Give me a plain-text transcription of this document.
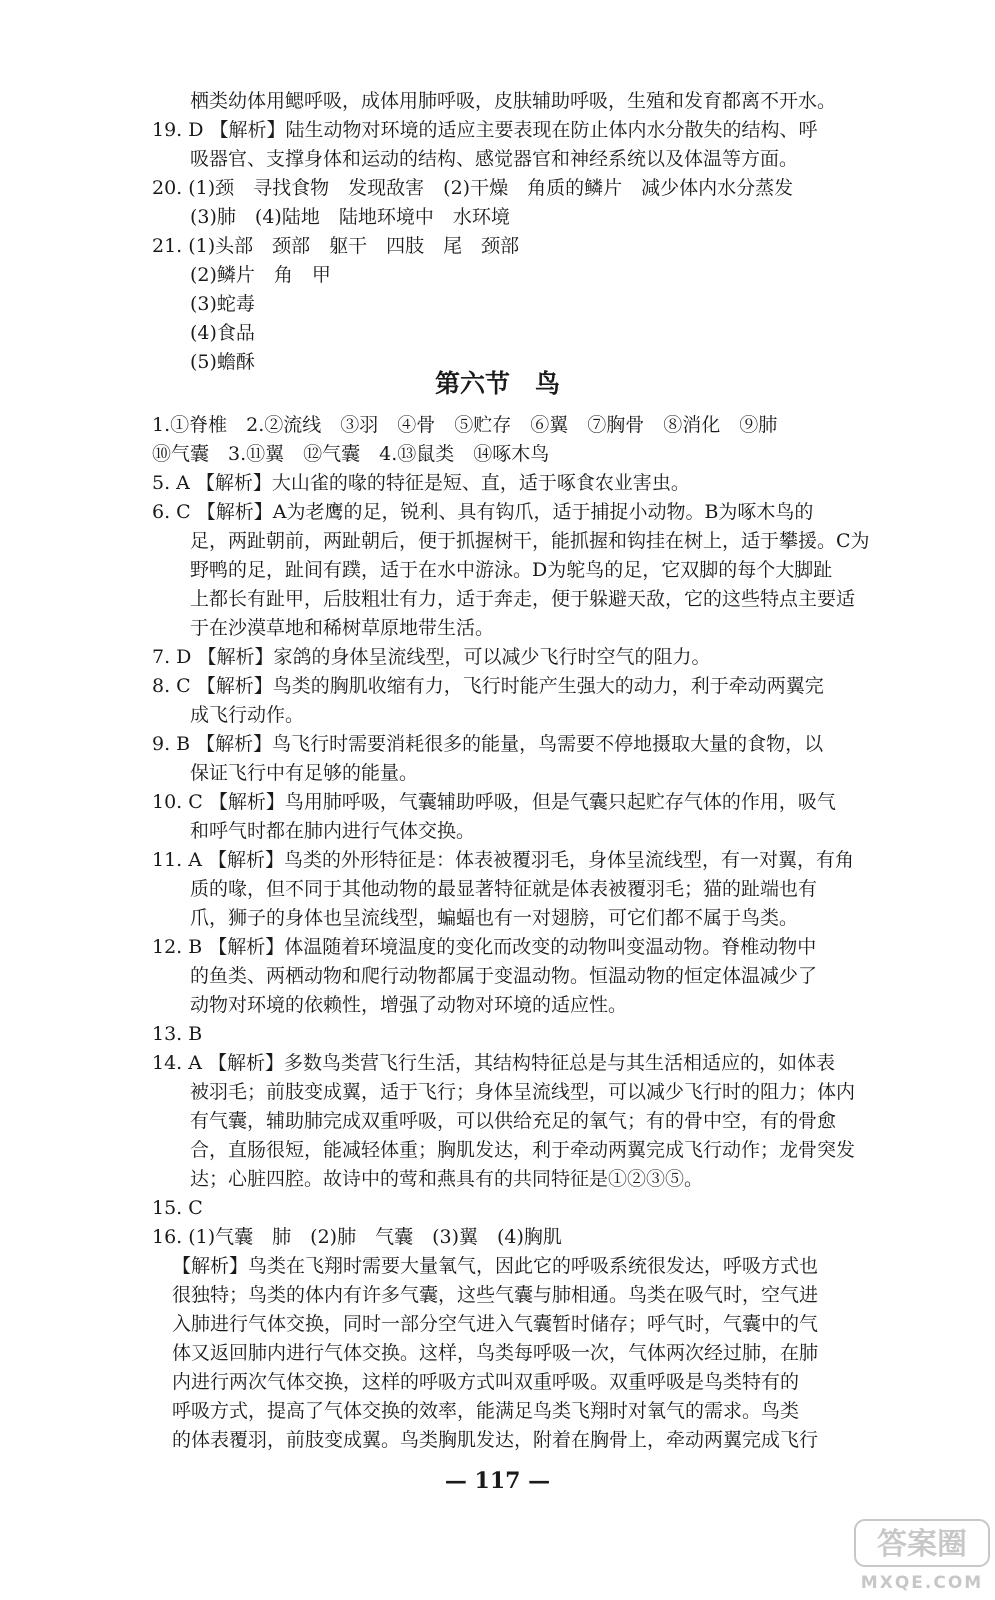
栖类幼体用鳃呼吸，成体用肺呼吸，皮肤辅助呼吸，生殖和发育都离不开水。
19. D 【解析】陆生动物对环境的适应主要表现在防止体内水分散失的结构、呼
吸器官、支撑身体和运动的结构、感觉器官和神经系统以及体温等方面。
20. (1)颈　寻找食物　发现敌害　(2)干燥　角质的鳞片　减少体内水分蒸发
(3)肺　(4)陆地　陆地环境中　水环境
21. (1)头部　颈部　躯干　四肢　尾　颈部
(2)鳞片　角　甲
(3)蛇毒
(4)食品
(5)蟾酥
第六节　鸟
1.①脊椎　2.②流线　③羽　④骨　⑤贮存　⑥翼　⑦胸骨　⑧消化　⑨肺
⑩气囊　3.⑪翼　⑫气囊　4.⑬鼠类　⑭啄木鸟
5. A 【解析】大山雀的喙的特征是短、直，适于啄食农业害虫。
6. C 【解析】A为老鹰的足，锐利、具有钩爪，适于捕捉小动物。B为啄木鸟的
足，两趾朝前，两趾朝后，便于抓握树干，能抓握和钩挂在树上，适于攀援。C为
野鸭的足，趾间有蹼，适于在水中游泳。D为鸵鸟的足，它双脚的每个大脚趾
上都长有趾甲，后肢粗壮有力，适于奔走，便于躲避天敌，它的这些特点主要适
于在沙漠草地和稀树草原地带生活。
7. D 【解析】家鸽的身体呈流线型，可以减少飞行时空气的阻力。
8. C 【解析】鸟类的胸肌收缩有力，飞行时能产生强大的动力，利于牵动两翼完
成飞行动作。
9. B 【解析】鸟飞行时需要消耗很多的能量，鸟需要不停地摄取大量的食物，以
保证飞行中有足够的能量。
10. C 【解析】鸟用肺呼吸，气囊辅助呼吸，但是气囊只起贮存气体的作用，吸气
和呼气时都在肺内进行气体交换。
11. A 【解析】鸟类的外形特征是：体表被覆羽毛，身体呈流线型，有一对翼，有角
质的喙，但不同于其他动物的最显著特征就是体表被覆羽毛；猫的趾端也有
爪，狮子的身体也呈流线型，蝙蝠也有一对翅膀，可它们都不属于鸟类。
12. B 【解析】体温随着环境温度的变化而改变的动物叫变温动物。脊椎动物中
的鱼类、两栖动物和爬行动物都属于变温动物。恒温动物的恒定体温减少了
动物对环境的依赖性，增强了动物对环境的适应性。
13. B
14. A 【解析】多数鸟类营飞行生活，其结构特征总是与其生活相适应的，如体表
被羽毛；前肢变成翼，适于飞行；身体呈流线型，可以减少飞行时的阻力；体内
有气囊，辅助肺完成双重呼吸，可以供给充足的氧气；有的骨中空，有的骨愈
合，直肠很短，能减轻体重；胸肌发达，利于牵动两翼完成飞行动作；龙骨突发
达；心脏四腔。故诗中的莺和燕具有的共同特征是①②③⑤。
15. C
16. (1)气囊　肺　(2)肺　气囊　(3)翼　(4)胸肌
【解析】鸟类在飞翔时需要大量氧气，因此它的呼吸系统很发达，呼吸方式也
很独特；鸟类的体内有许多气囊，这些气囊与肺相通。鸟类在吸气时，空气进
入肺进行气体交换，同时一部分空气进入气囊暂时储存；呼气时，气囊中的气
体又返回肺内进行气体交换。这样，鸟类每呼吸一次，气体两次经过肺，在肺
内进行两次气体交换，这样的呼吸方式叫双重呼吸。双重呼吸是鸟类特有的
呼吸方式，提高了气体交换的效率，能满足鸟类飞翔时对氧气的需求。鸟类
的体表覆羽，前肢变成翼。鸟类胸肌发达，附着在胸骨上，牵动两翼完成飞行
— 117 —
答案圈
MXQE.COM
